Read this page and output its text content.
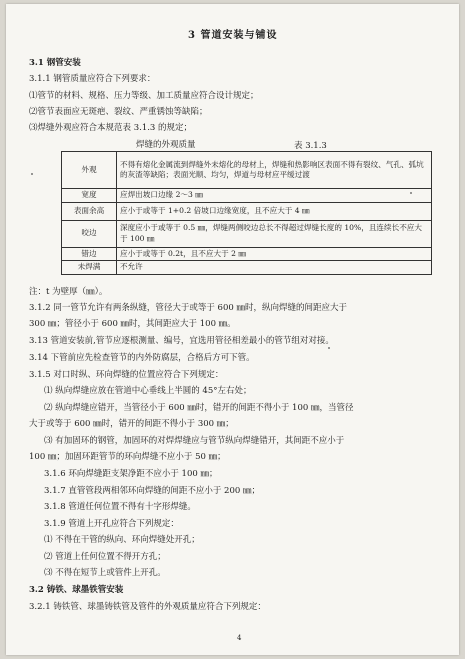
3 管道安装与铺设
3.1 钢管安装
3.1.1 钢管质量应符合下列要求：
⑴管节的材料、规格、压力等级、加工质量应符合设计规定；
⑵管节表面应无斑疤、裂纹、严重锈蚀等缺陷；
⑶焊缝外观应符合本规范表 3.1.3 的规定；
焊缝的外观质量	表 3.1.3
外观	不得有熔化金属流到焊缝外未熔化的母材上，焊缝和热影响区表面不得有裂纹、气孔、弧坑的灰渣等缺陷；表面光顺、均匀，焊道与母材应平缓过渡
宽度	应焊出坡口边缘 2～3 ㎜
表面余高	应小于或等于 1+0.2 倍坡口边缘宽度，且不应大于 4 ㎜
咬边	深度应小于或等于 0.5 ㎜，焊缝两侧咬边总长不得超过焊缝长度的 10%，且连续长不应大于 100 ㎜
错边	应小于或等于 0.2t，且不应大于 2 ㎜
未焊满	不允许
注：t 为壁厚（㎜）。
3.1.2 同一管节允许有两条纵缝，管径大于或等于 600 ㎜时，纵向焊缝的间距应大于
300 ㎜；管径小于 600 ㎜时，其间距应大于 100 ㎜。
3.13 管道安装前,管节应逐根测量、编号，宜选用管径相差最小的管节组对对接。
3.14 下管前应先检查管节的内外防腐层，合格后方可下管。
3.1.5 对口时纵、环向焊缝的位置应符合下列规定：
⑴ 纵向焊缝应放在管道中心垂线上半圆的 45°左右处；
⑵ 纵向焊缝应错开，当管径小于 600 ㎜时，错开的间距不得小于 100 ㎜，当管径
大于或等于 600 ㎜时，错开的间距不得小于 300 ㎜；
⑶ 有加固环的钢管，加固环的对焊焊缝应与管节纵向焊缝错开，其间距不应小于
100 ㎜；加固环距管节的环向焊缝不应小于 50 ㎜；
3.1.6 环向焊缝距支架净距不应小于 100 ㎜；
3.1.7 直管管段两相邻环向焊缝的间距不应小于 200 ㎜；
3.1.8 管道任何位置不得有十字形焊缝。
3.1.9 管道上开孔应符合下列规定：
⑴ 不得在干管的纵向、环向焊缝处开孔；
⑵ 管道上任何位置不得开方孔；
⑶ 不得在短节上或管件上开孔。
3.2 铸铁、球墨铁管安装
3.2.1 铸铁管、球墨铸铁管及管件的外观质量应符合下列规定：
4
